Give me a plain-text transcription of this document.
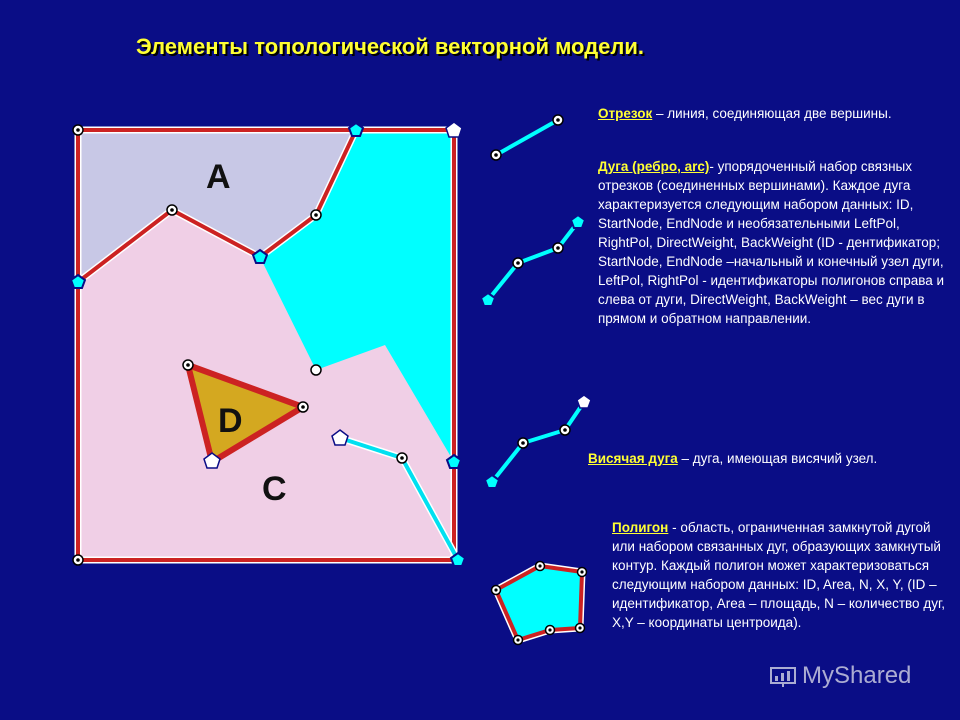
Элементы топологической векторной модели.
A
D
C
Отрезок – линия, соединяющая две вершины.
Дуга (ребро, arc)- упорядоченный набор связных отрезков (соединенных вершинами). Каждое дуга характеризуется следующим набором данных: ID, StartNode, EndNode и необязательными LeftPol, RightPol, DirectWeight, BackWeight (ID - дентификатор; StartNode, EndNode –начальный и конечный узел дуги, LeftPol, RightPol - идентификаторы полигонов справа и слева от дуги, DirectWeight, BackWeight – вес дуги в прямом и обратном направлении.
Висячая дуга – дуга, имеющая висячий узел.
Полигон - область, ограниченная замкнутой дугой или набором связанных дуг, образующих замкнутый контур. Каждый полигон может характеризоваться следующим набором данных: ID, Area, N, X, Y, (ID – идентификатор, Area – площадь, N – количество дуг, X,Y – координаты центроида).
MyShared
